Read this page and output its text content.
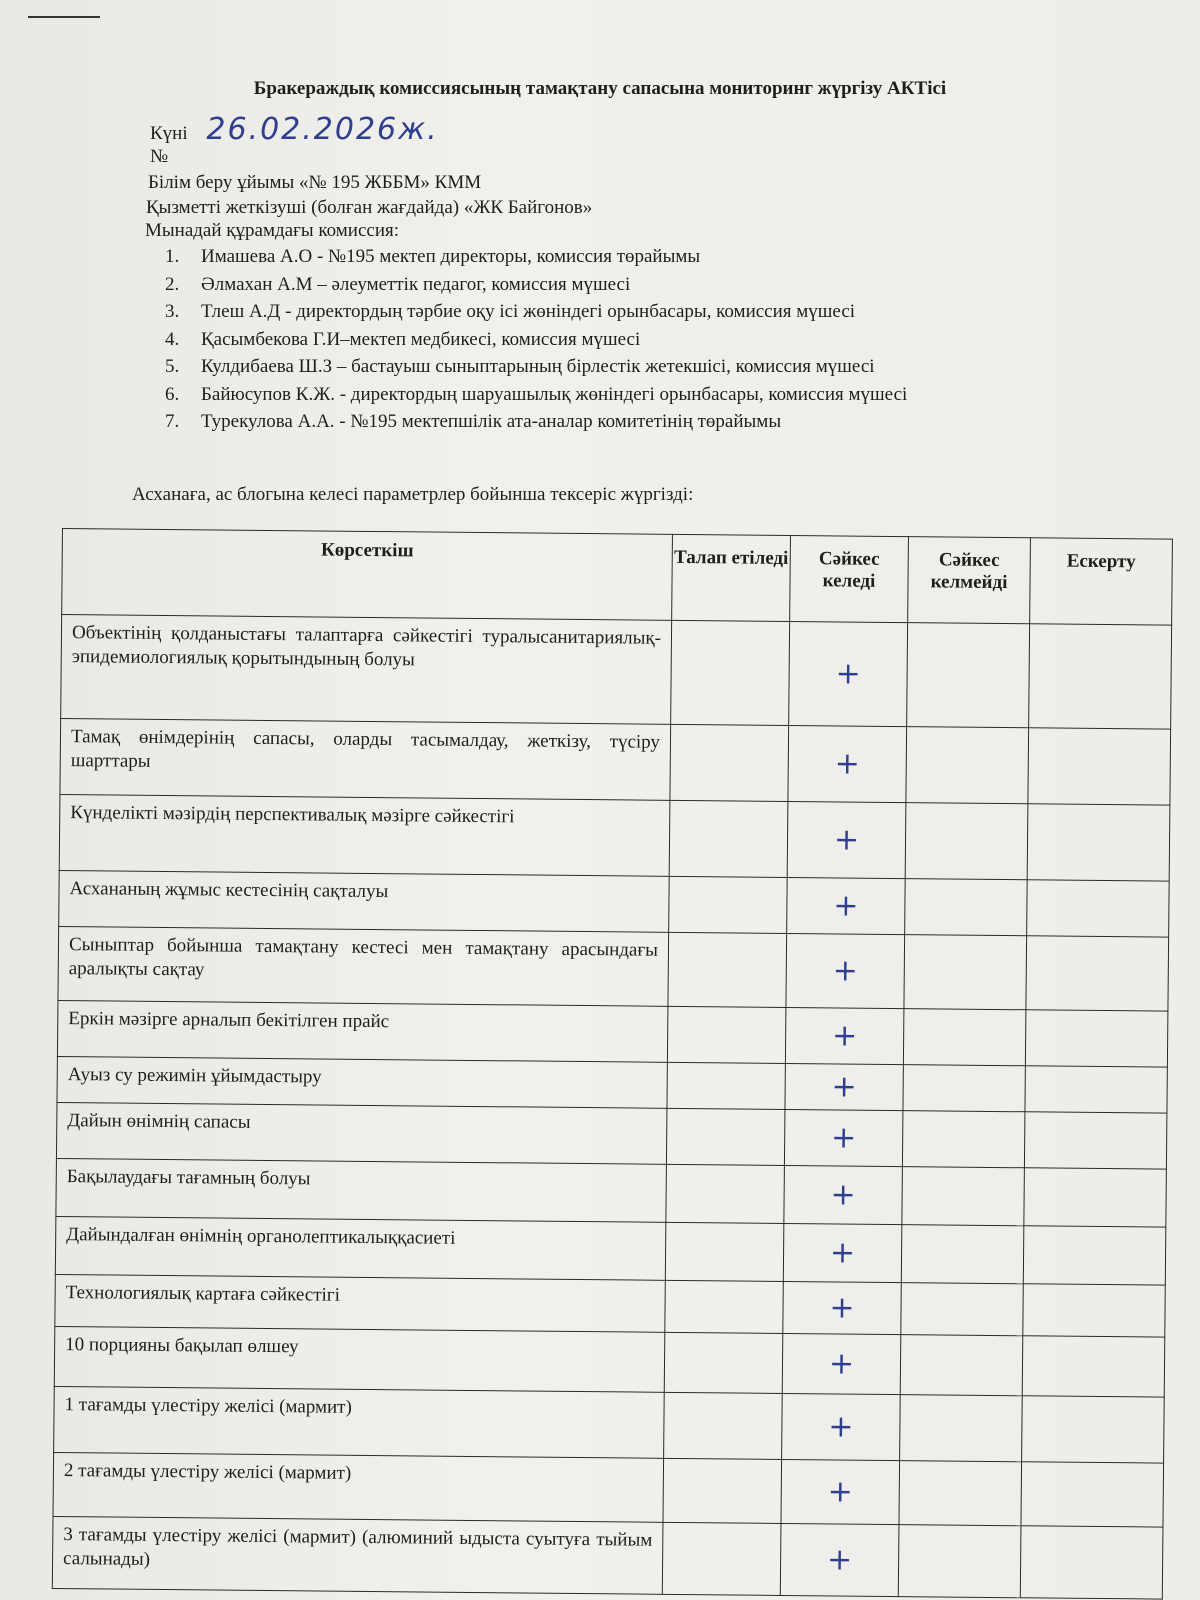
Бракераждық комиссиясының тамақтану сапасына мониторинг жүргізу АКТісі
Күні 26.02.2026ж.
№
Білім беру ұйымы «№ 195 ЖББМ» КММ
Қызметті жеткізуші (болған жағдайда) «ЖК Байгонов»
Мынадай құрамдағы комиссия:
1. Имашева А.О - №195 мектеп директоры, комиссия төрайымы
2. Әлмахан А.М – әлеуметтік педагог, комиссия мүшесі
3. Тлеш А.Д - директордың тәрбие оқу ісі жөніндегі орынбасары, комиссия мүшесі
4. Қасымбекова Г.И–мектеп медбикесі, комиссия мүшесі
5. Кулдибаева Ш.З – бастауыш сыныптарының бірлестік жетекшісі, комиссия мүшесі
6. Байюсупов К.Ж. - директордың шаруашылық жөніндегі орынбасары, комиссия мүшесі
7. Турекулова А.А. - №195 мектепшілік ата-аналар комитетінің төрайымы
Асханаға, ас блогына келесі параметрлер бойынша тексеріс жүргізді:
Көрсеткіш	Талап етіледі	Сәйкес келеді	Сәйкес келмейді	Ескерту
Объектінің қолданыстағы талаптарға сәйкестігі туралысанитариялық-эпидемиологиялық қорытындының болуы		+		
Тамақ өнімдерінің сапасы, оларды тасымалдау, жеткізу, түсіру шарттары		+		
Күнделікті мәзірдің перспективалық мәзірге сәйкестігі		+		
Асхананың жұмыс кестесінің сақталуы		+		
Сыныптар бойынша тамақтану кестесі мен тамақтану арасындағы аралықты сақтау		+		
Еркін мәзірге арналып бекітілген прайс		+		
Ауыз су режимін ұйымдастыру		+		
Дайын өнімнің сапасы		+		
Бақылаудағы тағамның болуы		+		
Дайындалған өнімнің органолептикалыққасиеті		+		
Технологиялық картаға сәйкестігі		+		
10 порцияны бақылап өлшеу		+		
1 тағамды үлестіру желісі (мармит)		+		
2 тағамды үлестіру желісі (мармит)		+		
3 тағамды үлестіру желісі (мармит) (алюминий ыдыста суытуға тыйым салынады)		+		
